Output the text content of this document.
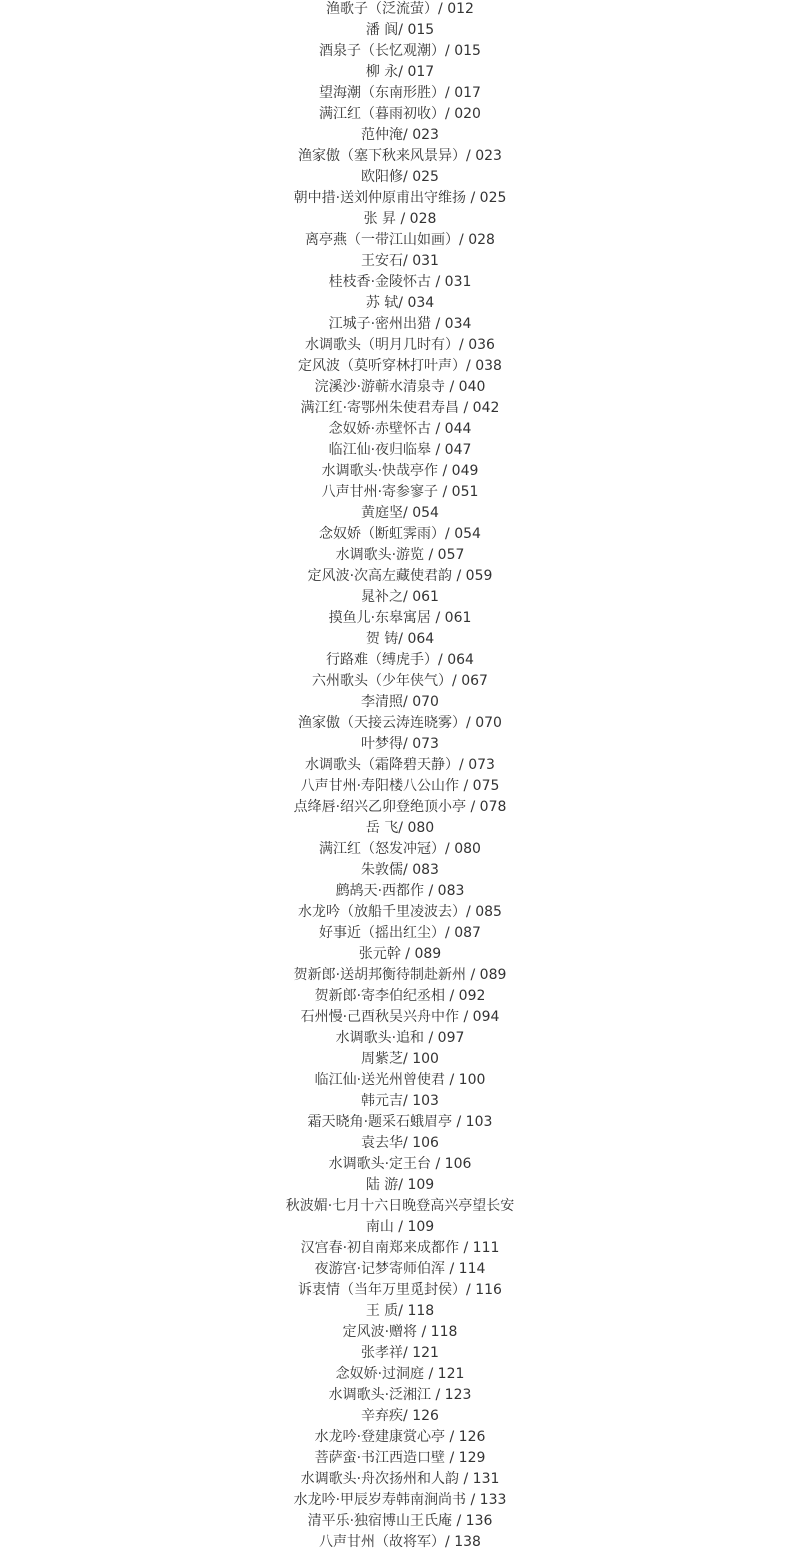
渔歌子（泛流萤）/ 012
潘 阆/ 015
酒泉子（长忆观潮）/ 015
柳 永/ 017
望海潮（东南形胜）/ 017
满江红（暮雨初收）/ 020
范仲淹/ 023
渔家傲（塞下秋来风景异）/ 023
欧阳修/ 025
朝中措·送刘仲原甫出守维扬 / 025
张 昇 / 028
离亭燕（一带江山如画）/ 028
王安石/ 031
桂枝香·金陵怀古 / 031
苏 轼/ 034
江城子·密州出猎 / 034
水调歌头（明月几时有）/ 036
定风波（莫听穿林打叶声）/ 038
浣溪沙·游蕲水清泉寺 / 040
满江红·寄鄂州朱使君寿昌 / 042
念奴娇·赤壁怀古 / 044
临江仙·夜归临皋 / 047
水调歌头·快哉亭作 / 049
八声甘州·寄参寥子 / 051
黄庭坚/ 054
念奴娇（断虹霁雨）/ 054
水调歌头·游览 / 057
定风波·次高左藏使君韵 / 059
晁补之/ 061
摸鱼儿·东皋寓居 / 061
贺 铸/ 064
行路难（缚虎手）/ 064
六州歌头（少年侠气）/ 067
李清照/ 070
渔家傲（天接云涛连晓雾）/ 070
叶梦得/ 073
水调歌头（霜降碧天静）/ 073
八声甘州·寿阳楼八公山作 / 075
点绛唇·绍兴乙卯登绝顶小亭 / 078
岳 飞/ 080
满江红（怒发冲冠）/ 080
朱敦儒/ 083
鹧鸪天·西都作 / 083
水龙吟（放船千里凌波去）/ 085
好事近（摇出红尘）/ 087
张元幹 / 089
贺新郎·送胡邦衡待制赴新州 / 089
贺新郎·寄李伯纪丞相 / 092
石州慢·己酉秋吴兴舟中作 / 094
水调歌头·追和 / 097
周紫芝/ 100
临江仙·送光州曾使君 / 100
韩元吉/ 103
霜天晓角·题采石蛾眉亭 / 103
袁去华/ 106
水调歌头·定王台 / 106
陆 游/ 109
秋波媚·七月十六日晚登高兴亭望长安
南山 / 109
汉宫春·初自南郑来成都作 / 111
夜游宫·记梦寄师伯浑 / 114
诉衷情（当年万里觅封侯）/ 116
王 质/ 118
定风波·赠将 / 118
张孝祥/ 121
念奴娇·过洞庭 / 121
水调歌头·泛湘江 / 123
辛弃疾/ 126
水龙吟·登建康赏心亭 / 126
菩萨蛮·书江西造口壁 / 129
水调歌头·舟次扬州和人韵 / 131
水龙吟·甲辰岁寿韩南涧尚书 / 133
清平乐·独宿博山王氏庵 / 136
八声甘州（故将军）/ 138
